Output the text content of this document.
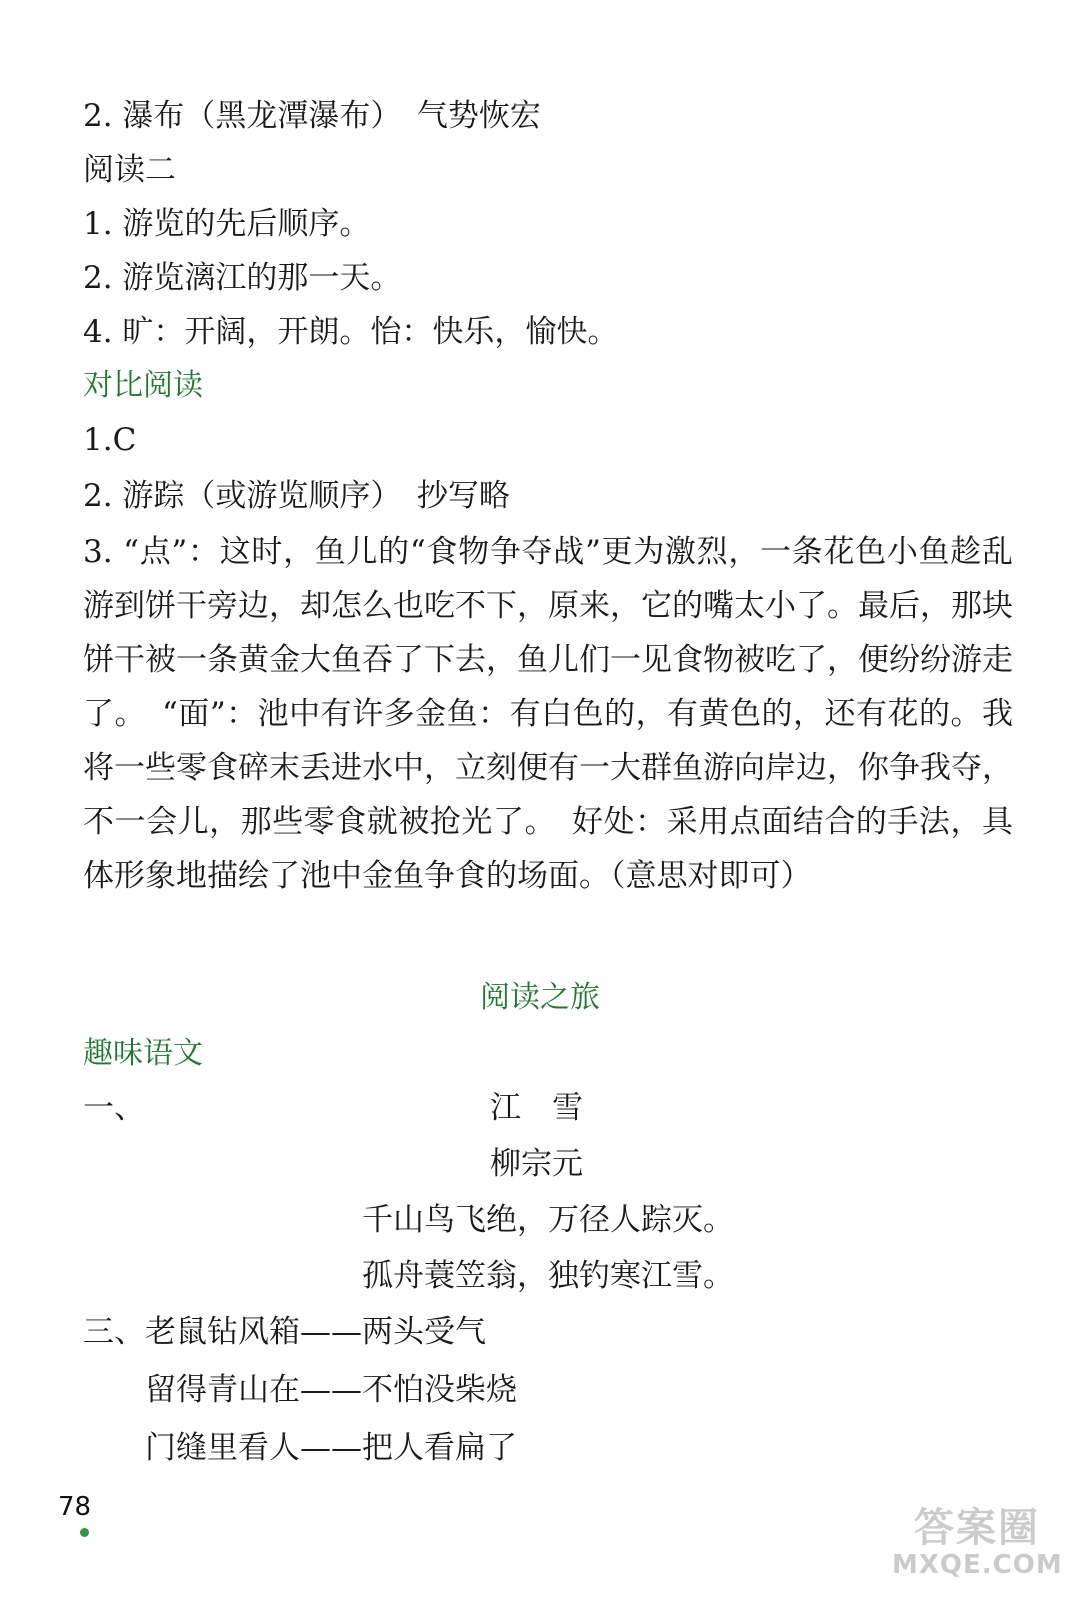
2. 瀑布（黑龙潭瀑布）　气势恢宏
阅读二
1. 游览的先后顺序。
2. 游览漓江的那一天。
4. 旷：开阔，开朗。怡：快乐，愉快。
对比阅读
1.C
2. 游踪（或游览顺序）　抄写略
3. “点”：这时，鱼儿的“食物争夺战”更为激烈，一条花色小鱼趁乱游到饼干旁边，却怎么也吃不下，原来，它的嘴太小了。最后，那块饼干被一条黄金大鱼吞了下去，鱼儿们一见食物被吃了，便纷纷游走了。　“面”：池中有许多金鱼：有白色的，有黄色的，还有花的。我将一些零食碎末丢进水中，立刻便有一大群鱼游向岸边，你争我夺，不一会儿，那些零食就被抢光了。　好处：采用点面结合的手法，具体形象地描绘了池中金鱼争食的场面。（意思对即可）
阅读之旅
趣味语文
一、	江　雪
柳宗元
千山鸟飞绝，万径人踪灭。
孤舟蓑笠翁，独钓寒江雪。
三、老鼠钻风箱——两头受气
留得青山在——不怕没柴烧
门缝里看人——把人看扁了
78	答案圈
MXQE.COM
